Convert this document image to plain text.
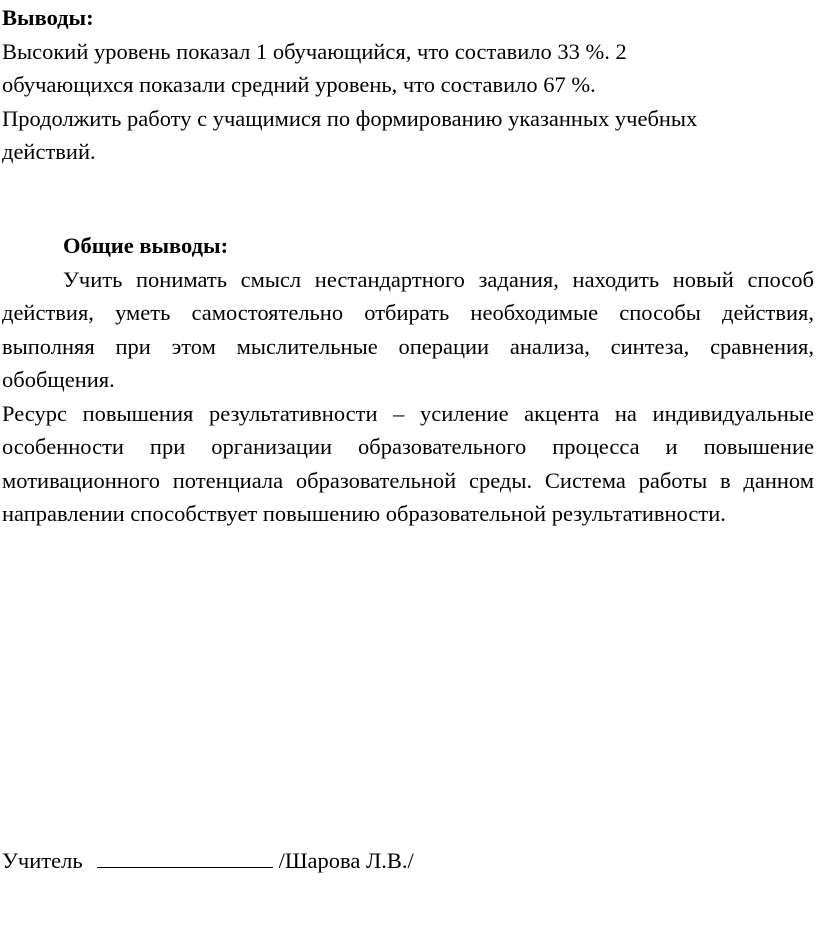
Выводы:

Высокий уровень показал 1 обучающийся, что составило 33 %. 2

обучающихся показали средний уровень, что составило 67 %.

Продолжить работу с учащимися по формированию указанных учебных

действий.

Общие выводы:

Учить понимать смысл нестандартного задания, находить новый способ действия, уметь самостоятельно отбирать необходимые способы действия, выполняя при этом мыслительные операции анализа, синтеза, сравнения, обобщения.

Ресурс повышения результативности – усиление акцента на индивидуальные особенности при организации образовательного процесса и повышение мотивационного потенциала образовательной среды. Система работы в данном направлении способствует повышению образовательной результативности.

Учитель	/Шарова Л.В./
